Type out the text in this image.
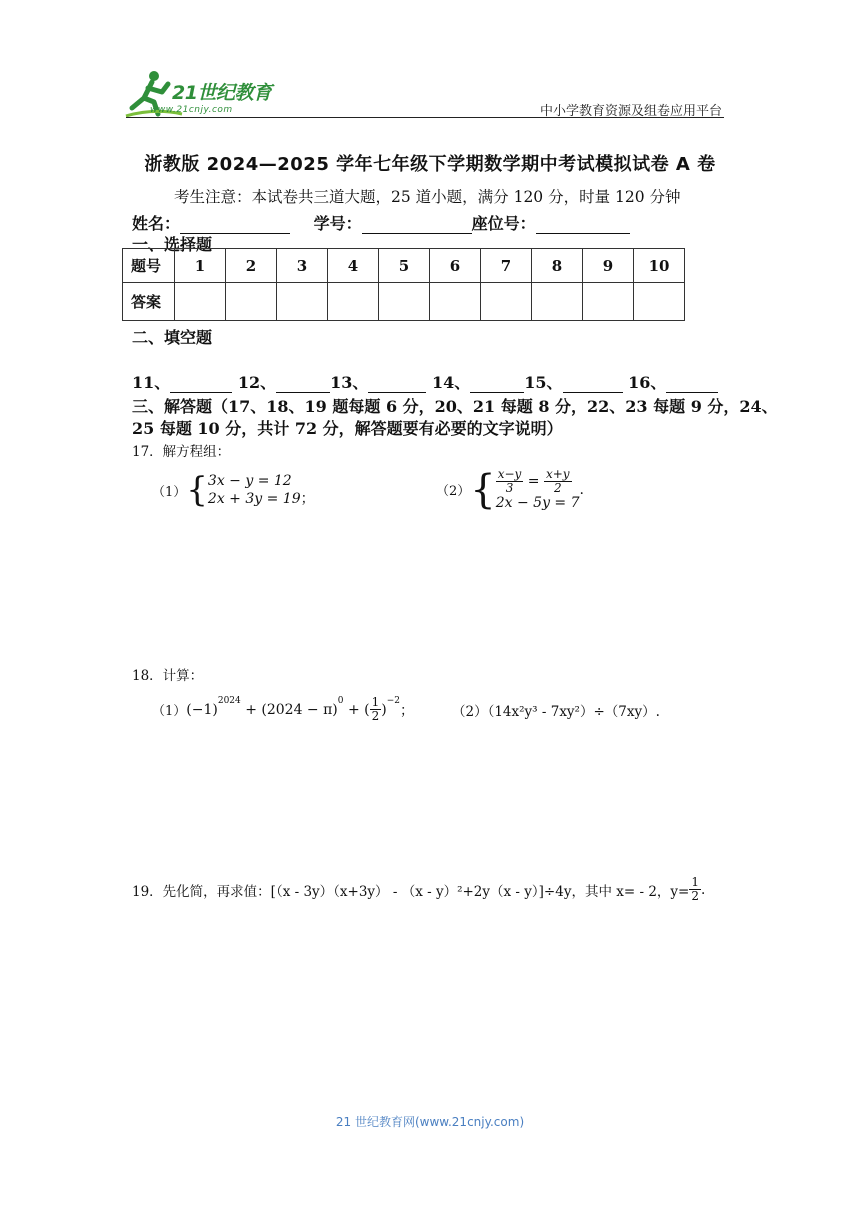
21世纪教育
www.21cnjy.com	中小学教育资源及组卷应用平台
浙教版 2024—2025 学年七年级下学期数学期中考试模拟试卷 A 卷
考生注意：本试卷共三道大题，25 道小题，满分 120 分，时量 120 分钟
姓名：	学号：	座位号：
一、选择题
题号	1	2	3	4	5	6	7	8	9	10
答案										
二、填空题
11、	12、	13、	14、	15、	16、
三、解答题（17、18、19 题每题 6 分，20、21 每题 8 分，22、23 每题 9 分，24、
25 每题 10 分，共计 72 分，解答题要有必要的文字说明）
17．解方程组：
（1） { 3x − y = 12
2x + 3y = 19 ；	（2） { $\frac{x-y}{3} = \frac{x+y}{2}$
2x − 5y = 7
.
18．计算：
（1） (−1)
$^{2024}$
+ (2024 − π)
$^0$
+ ( $\frac{1}{2}$ )
$^{-2}$
；	（2）（14x²y³ - 7xy²）÷（7xy）.
19．先化简，再求值：[（x - 3y）（x+3y） - （x - y）²+2y（x - y）]÷4y，其中 x= - 2，$y= \frac{1}{2}$ .
21 世纪教育网(www.21cnjy.com)
